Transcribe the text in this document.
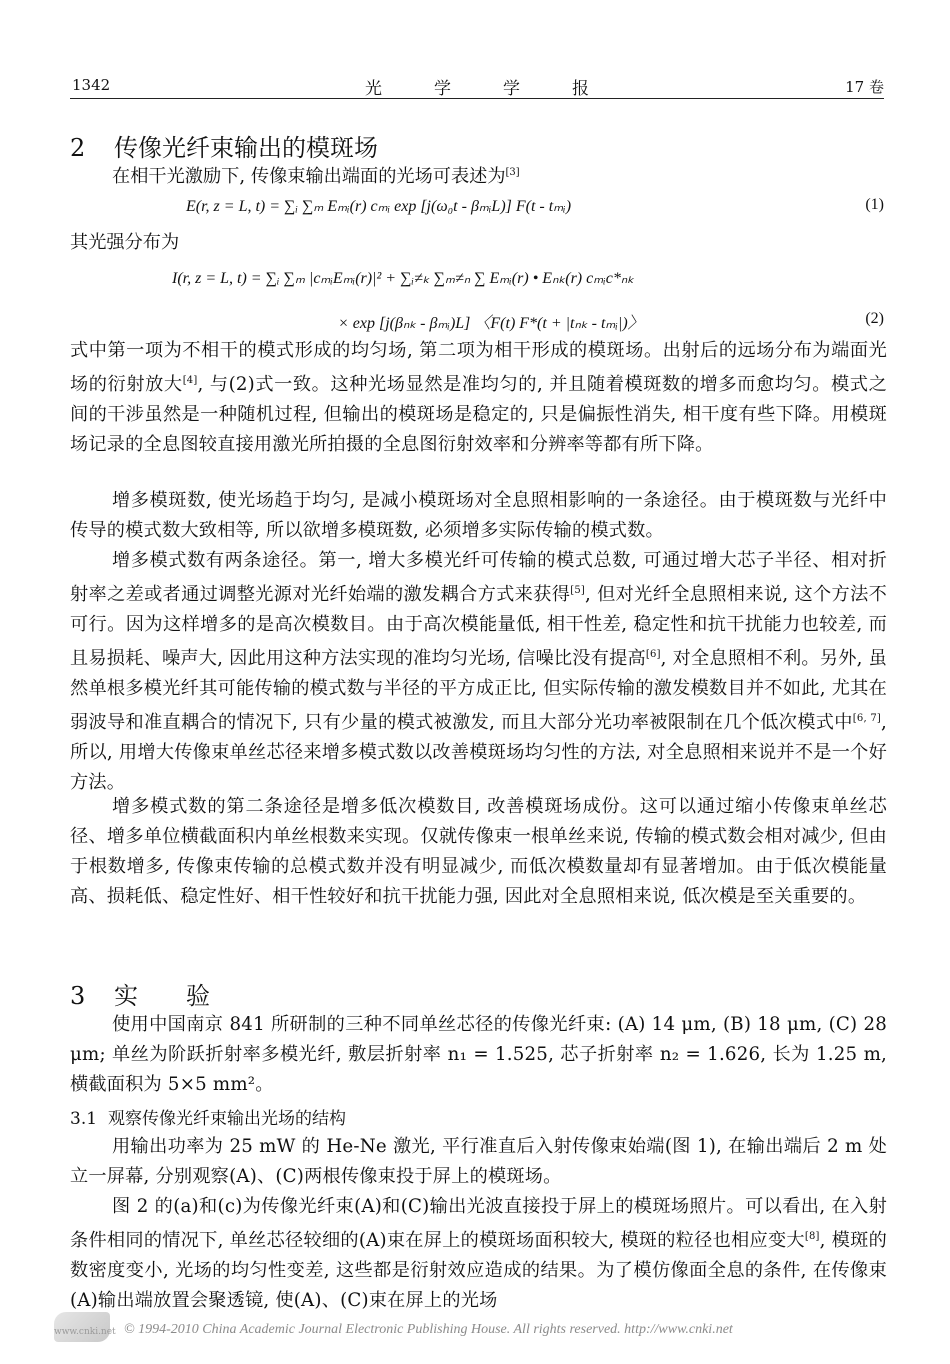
1342	光学学报	17 卷
2 传像光纤束输出的模斑场
在相干光激励下, 传像束输出端面的光场可表述为[3]
E(r, z = L, t) = ∑ᵢ ∑ₘ Eₘᵢ(r) cₘᵢ exp [j(ω₀t - βₘᵢL)] F(t - tₘᵢ)	(1)
其光强分布为
I(r, z = L, t) = ∑ᵢ ∑ₘ |cₘᵢEₘᵢ(r)|² + ∑ᵢ≠ₖ ∑ₘ≠ₙ ∑ Eₘᵢ(r) • Eₙₖ(r) cₘᵢc*ₙₖ
× exp [j(βₙₖ - βₘᵢ)L] 〈F(t) F*(t + |tₙₖ - tₘᵢ|)〉	(2)

式中第一项为不相干的模式形成的均匀场, 第二项为相干形成的模斑场。出射后的远场分布为端面光场的衍射放大[4], 与(2)式一致。这种光场显然是准均匀的, 并且随着模斑数的增多而愈均匀。模式之间的干涉虽然是一种随机过程, 但输出的模斑场是稳定的, 只是偏振性消失, 相干度有些下降。用模斑场记录的全息图较直接用激光所拍摄的全息图衍射效率和分辨率等都有所下降。

增多模斑数, 使光场趋于均匀, 是减小模斑场对全息照相影响的一条途径。由于模斑数与光纤中传导的模式数大致相等, 所以欲增多模斑数, 必须增多实际传输的模式数。

增多模式数有两条途径。第一, 增大多模光纤可传输的模式总数, 可通过增大芯子半径、相对折射率之差或者通过调整光源对光纤始端的激发耦合方式来获得[5], 但对光纤全息照相来说, 这个方法不可行。因为这样增多的是高次模数目。由于高次模能量低, 相干性差, 稳定性和抗干扰能力也较差, 而且易损耗、噪声大, 因此用这种方法实现的准均匀光场, 信噪比没有提高[6], 对全息照相不利。另外, 虽然单根多模光纤其可能传输的模式数与半径的平方成正比, 但实际传输的激发模数目并不如此, 尤其在弱波导和准直耦合的情况下, 只有少量的模式被激发, 而且大部分光功率被限制在几个低次模式中[6, 7], 所以, 用增大传像束单丝芯径来增多模式数以改善模斑场均匀性的方法, 对全息照相来说并不是一个好方法。

增多模式数的第二条途径是增多低次模数目, 改善模斑场成份。这可以通过缩小传像束单丝芯径、增多单位横截面积内单丝根数来实现。仅就传像束一根单丝来说, 传输的模式数会相对减少, 但由于根数增多, 传像束传输的总模式数并没有明显减少, 而低次模数量却有显著增加。由于低次模能量高、损耗低、稳定性好、相干性较好和抗干扰能力强, 因此对全息照相来说, 低次模是至关重要的。

3 实　　验

使用中国南京 841 所研制的三种不同单丝芯径的传像光纤束: (A) 14 μm, (B) 18 μm, (C) 28 μm; 单丝为阶跃折射率多模光纤, 敷层折射率 n₁ = 1.525, 芯子折射率 n₂ = 1.626, 长为 1.25 m, 横截面积为 5×5 mm²。

3.1 观察传像光纤束输出光场的结构

用输出功率为 25 mW 的 He-Ne 激光, 平行准直后入射传像束始端(图 1), 在输出端后 2 m 处立一屏幕, 分别观察(A)、(C)两根传像束投于屏上的模斑场。

图 2 的(a)和(c)为传像光纤束(A)和(C)输出光波直接投于屏上的模斑场照片。可以看出, 在入射条件相同的情况下, 单丝芯径较细的(A)束在屏上的模斑场面积较大, 模斑的粒径也相应变大[8], 模斑的数密度变小, 光场的均匀性变差, 这些都是衍射效应造成的结果。为了模仿像面全息的条件, 在传像束(A)输出端放置会聚透镜, 使(A)、(C)束在屏上的光场

www.cnki.net © 1994-2010 China Academic Journal Electronic Publishing House. All rights reserved. http://www.cnki.net
